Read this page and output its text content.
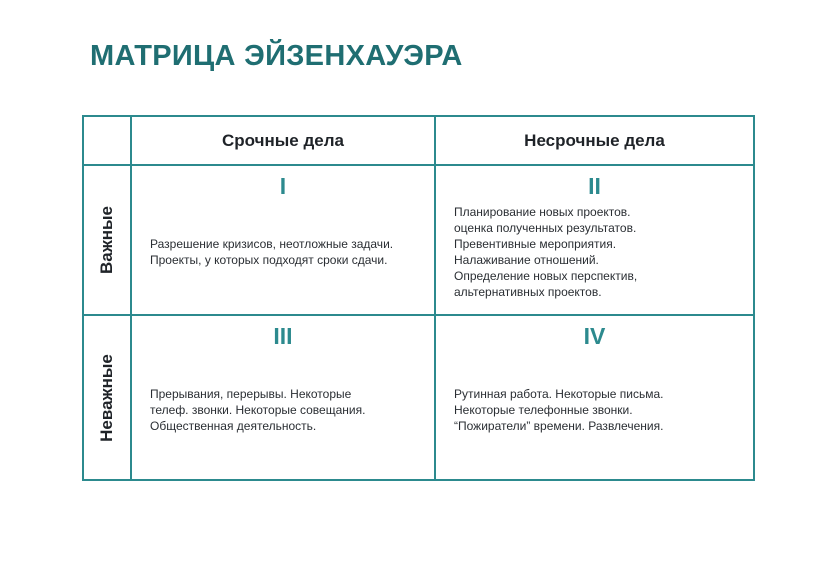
МАТРИЦА ЭЙЗЕНХАУЭРА
Срочные дела	Несрочные дела
Важные
I
Разрешение кризисов, неотложные задачи.
Проекты, у которых подходят сроки сдачи.
II
Планирование новых проектов.
оценка полученных результатов.
Превентивные мероприятия.
Налаживание отношений.
Определение новых перспектив,
альтернативных проектов.
Неважные
III
Прерывания, перерывы. Некоторые
телеф. звонки. Некоторые совещания.
Общественная деятельность.
IV
Рутинная работа. Некоторые письма.
Некоторые телефонные звонки.
“Пожиратели” времени. Развлечения.
